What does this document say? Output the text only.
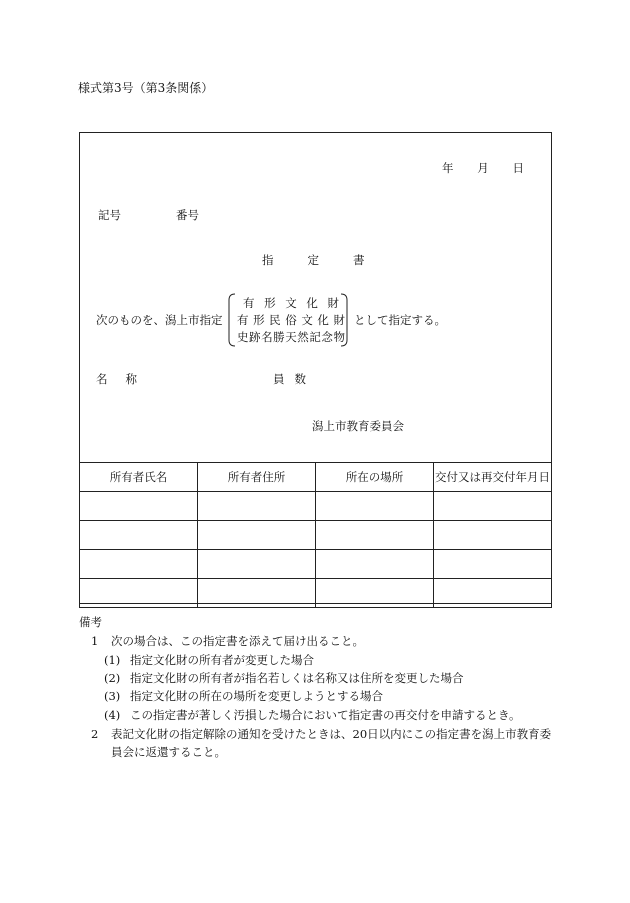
様式第3号（第3条関係）
年 月 日
記号	番号
指	定	書
次のものを、潟上市指定
有形文化財
有形民俗文化財
史跡名勝天然記念物
として指定する。
名 称	員 数
潟上市教育委員会
所有者氏名	所有者住所	所在の場所	交付又は再交付年月日

備考
1 次の場合は、この指定書を添えて届け出ること。
(1) 指定文化財の所有者が変更した場合
(2) 指定文化財の所有者が指名若しくは名称又は住所を変更した場合
(3) 指定文化財の所在の場所を変更しようとする場合
(4) この指定書が著しく汚損した場合において指定書の再交付を申請するとき。
2 表記文化財の指定解除の通知を受けたときは、20日以内にこの指定書を潟上市教育委
員会に返還すること。
